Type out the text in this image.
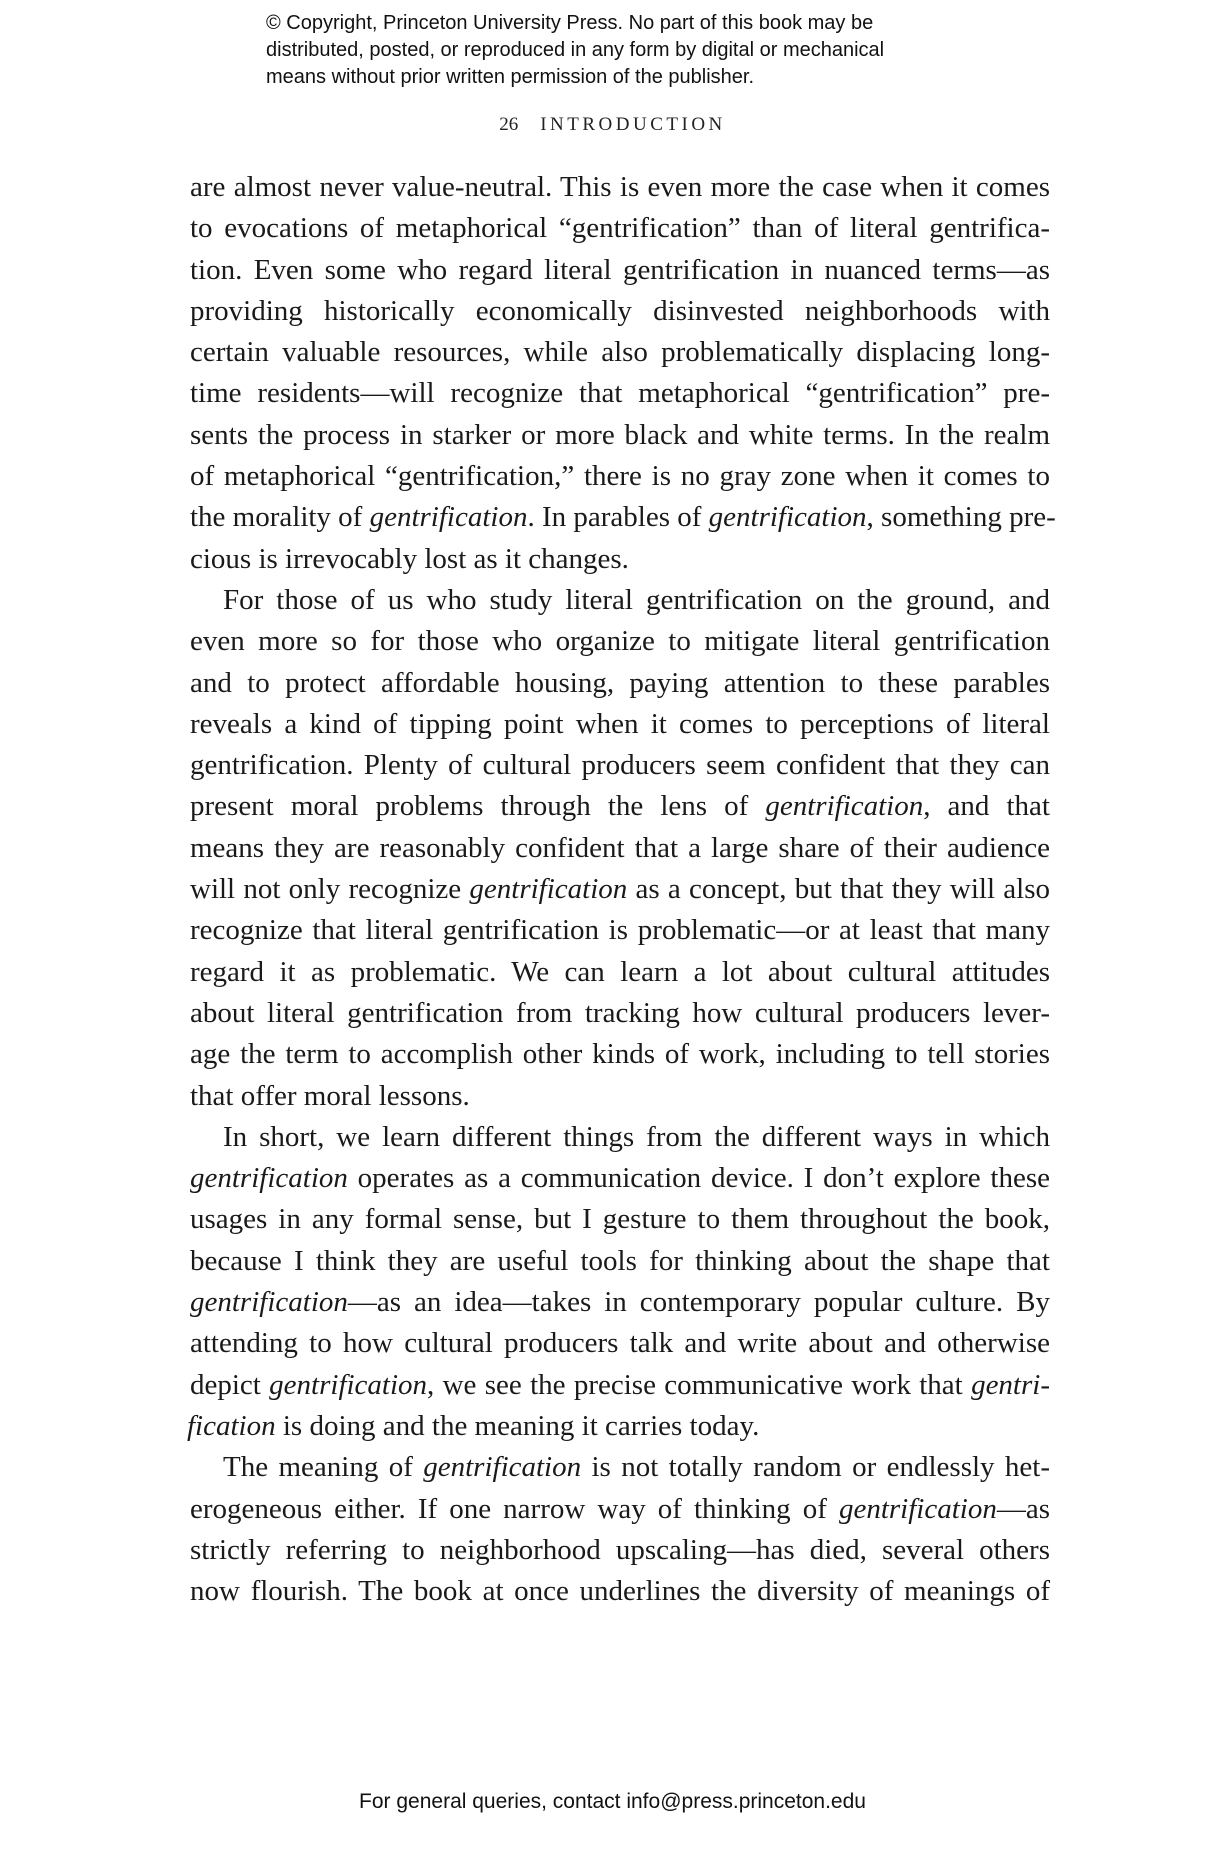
© Copyright, Princeton University Press. No part of this book may be
distributed, posted, or reproduced in any form by digital or mechanical
means without prior written permission of the publisher.
26 INTRODUCTION
are almost never value-neutral. This is even more the case when it comes
to evocations of metaphorical “gentrification” than of literal gentrifica-
tion. Even some who regard literal gentrification in nuanced terms—as
providing historically economically disinvested neighborhoods with
certain valuable resources, while also problematically displacing long-
time residents—will recognize that metaphorical “gentrification” pre-
sents the process in starker or more black and white terms. In the realm
of metaphorical “gentrification,” there is no gray zone when it comes to
the morality of gentrification. In parables of gentrification, something pre-
cious is irrevocably lost as it changes.
For those of us who study literal gentrification on the ground, and
even more so for those who organize to mitigate literal gentrification
and to protect affordable housing, paying attention to these parables
reveals a kind of tipping point when it comes to perceptions of literal
gentrification. Plenty of cultural producers seem confident that they can
present moral problems through the lens of gentrification, and that
means they are reasonably confident that a large share of their audience
will not only recognize gentrification as a concept, but that they will also
recognize that literal gentrification is problematic—or at least that many
regard it as problematic. We can learn a lot about cultural attitudes
about literal gentrification from tracking how cultural producers lever-
age the term to accomplish other kinds of work, including to tell stories
that offer moral lessons.
In short, we learn different things from the different ways in which
gentrification operates as a communication device. I don’t explore these
usages in any formal sense, but I gesture to them throughout the book,
because I think they are useful tools for thinking about the shape that
gentrification—as an idea—takes in contemporary popular culture. By
attending to how cultural producers talk and write about and otherwise
depict gentrification, we see the precise communicative work that gentri-
fication is doing and the meaning it carries today.
The meaning of gentrification is not totally random or endlessly het-
erogeneous either. If one narrow way of thinking of gentrification—as
strictly referring to neighborhood upscaling—has died, several others
now flourish. The book at once underlines the diversity of meanings of
For general queries, contact info@press.princeton.edu
